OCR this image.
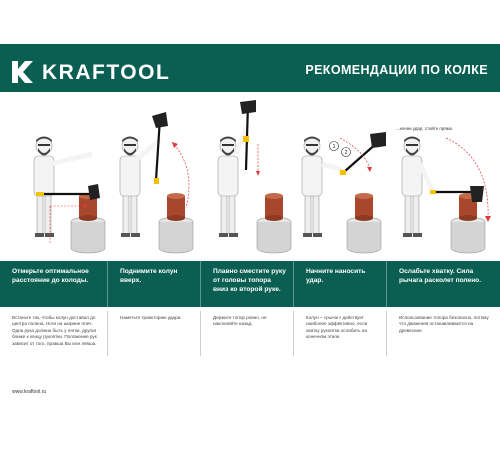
KRAFTOOL	РЕКОМЕНДАЦИИ ПО КОЛКЕ
1
2
...начни удар, стойте прямо.
Отмерьте оптимальное расстояние до колоды.
Поднимите колун вверх.
Плавно сместите руку от головы топора вниз ко второй руке.
Начните наносить удар.
Ослабьте хватку. Сила рычага расколет полено.
Встаньте так, чтобы колун доставал до центра полена. Ноги на ширине плеч. Одна рука должна быть у пятки, другая ближе к концу рукоятки. Положение рук зависит от того, правша Вы или левша.
Наметьте траекторию удара.	Держите топор ровно, не наклоняйте назад.
Колун – «рычаг» действует наиболее эффективно, если хватку рукоятки ослабить на конечном этапе.
Использование топора безопасно, потому что движения останавливаются на древесине.
www.kraftool.ru
